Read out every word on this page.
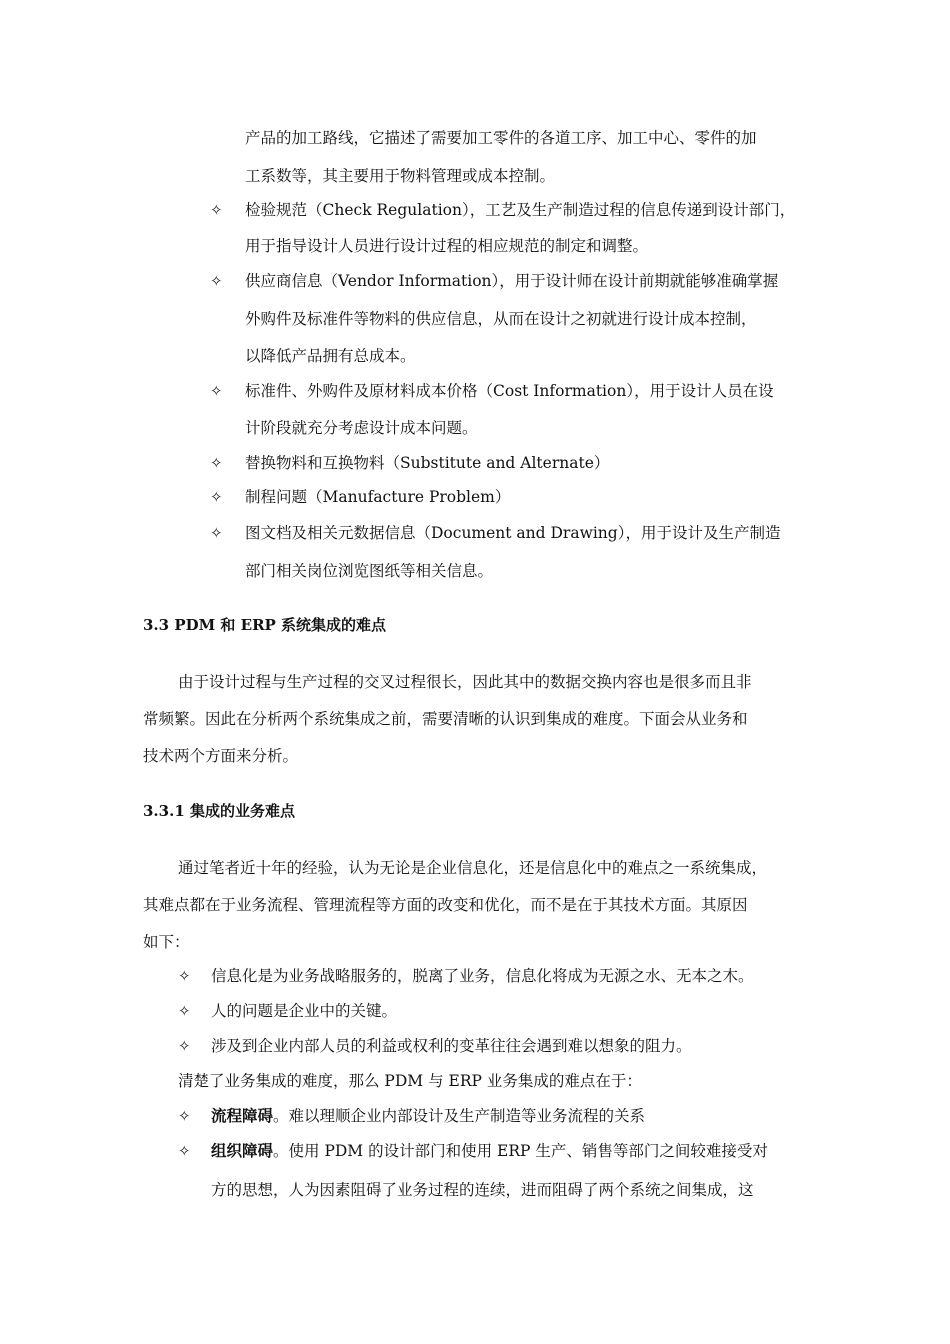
产品的加工路线，它描述了需要加工零件的各道工序、加工中心、零件的加
工系数等，其主要用于物料管理或成本控制。
✧ 检验规范（Check Regulation），工艺及生产制造过程的信息传递到设计部门，
用于指导设计人员进行设计过程的相应规范的制定和调整。
✧ 供应商信息（Vendor Information），用于设计师在设计前期就能够准确掌握
外购件及标准件等物料的供应信息，从而在设计之初就进行设计成本控制，
以降低产品拥有总成本。
✧ 标准件、外购件及原材料成本价格（Cost Information），用于设计人员在设
计阶段就充分考虑设计成本问题。
✧ 替换物料和互换物料（Substitute and Alternate）
✧ 制程问题（Manufacture Problem）
✧ 图文档及相关元数据信息（Document and Drawing），用于设计及生产制造
部门相关岗位浏览图纸等相关信息。
3.3 PDM 和 ERP 系统集成的难点
由于设计过程与生产过程的交叉过程很长，因此其中的数据交换内容也是很多而且非
常频繁。因此在分析两个系统集成之前，需要清晰的认识到集成的难度。下面会从业务和
技术两个方面来分析。
3.3.1 集成的业务难点
通过笔者近十年的经验，认为无论是企业信息化，还是信息化中的难点之一系统集成，
其难点都在于业务流程、管理流程等方面的改变和优化，而不是在于其技术方面。其原因
如下：
✧ 信息化是为业务战略服务的，脱离了业务，信息化将成为无源之水、无本之木。
✧ 人的问题是企业中的关键。
✧ 涉及到企业内部人员的利益或权利的变革往往会遇到难以想象的阻力。
清楚了业务集成的难度，那么 PDM 与 ERP 业务集成的难点在于：
✧ 流程障碍。难以理顺企业内部设计及生产制造等业务流程的关系
✧ 组织障碍。使用 PDM 的设计部门和使用 ERP 生产、销售等部门之间较难接受对
方的思想，人为因素阻碍了业务过程的连续，进而阻碍了两个系统之间集成，这
